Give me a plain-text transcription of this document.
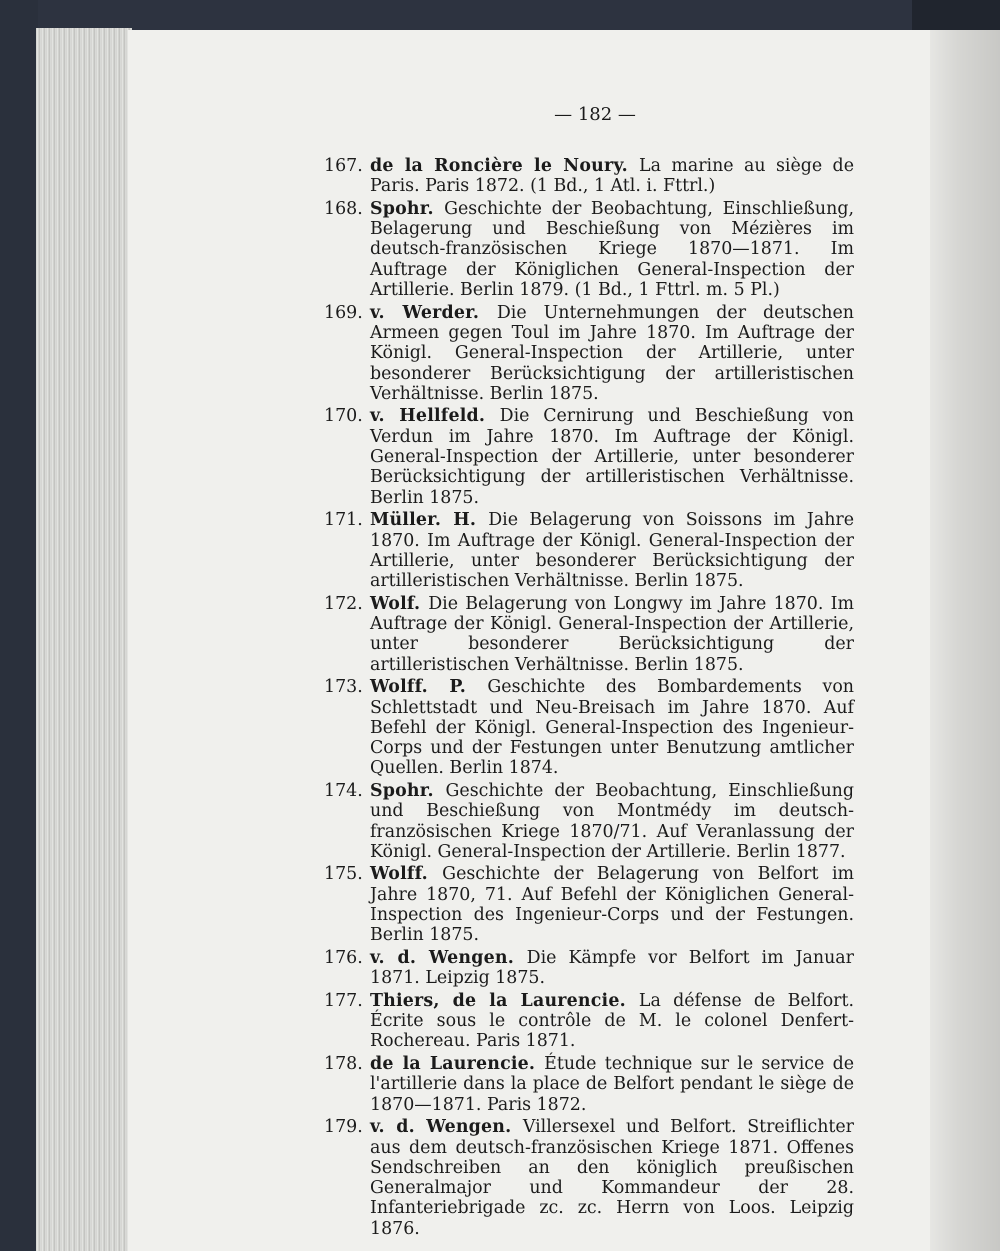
— 182 —
167. de la Roncière le Noury. La marine au siège de Paris. Paris 1872. (1 Bd., 1 Atl. i. Fttrl.)
168. Spohr. Geschichte der Beobachtung, Einschließung, Belagerung und Beschießung von Mézières im deutsch-französischen Kriege 1870—1871. Im Auftrage der Königlichen General-Inspection der Artillerie. Berlin 1879. (1 Bd., 1 Fttrl. m. 5 Pl.)
169. v. Werder. Die Unternehmungen der deutschen Armeen gegen Toul im Jahre 1870. Im Auftrage der Königl. General-Inspection der Artillerie, unter besonderer Berücksichtigung der artilleristischen Verhältnisse. Berlin 1875.
170. v. Hellfeld. Die Cernirung und Beschießung von Verdun im Jahre 1870. Im Auftrage der Königl. General-Inspection der Artillerie, unter besonderer Berücksichtigung der artilleristischen Verhältnisse. Berlin 1875.
171. Müller. H. Die Belagerung von Soissons im Jahre 1870. Im Auftrage der Königl. General-Inspection der Artillerie, unter besonderer Berücksichtigung der artilleristischen Verhältnisse. Berlin 1875.
172. Wolf. Die Belagerung von Longwy im Jahre 1870. Im Auftrage der Königl. General-Inspection der Artillerie, unter besonderer Berücksichtigung der artilleristischen Verhältnisse. Berlin 1875.
173. Wolff. P. Geschichte des Bombardements von Schlettstadt und Neu-Breisach im Jahre 1870. Auf Befehl der Königl. General-Inspection des Ingenieur-Corps und der Festungen unter Benutzung amtlicher Quellen. Berlin 1874.
174. Spohr. Geschichte der Beobachtung, Einschließung und Beschießung von Montmédy im deutsch-französischen Kriege 1870/71. Auf Veranlassung der Königl. General-Inspection der Artillerie. Berlin 1877.
175. Wolff. Geschichte der Belagerung von Belfort im Jahre 1870, 71. Auf Befehl der Königlichen General-Inspection des Ingenieur-Corps und der Festungen. Berlin 1875.
176. v. d. Wengen. Die Kämpfe vor Belfort im Januar 1871. Leipzig 1875.
177. Thiers, de la Laurencie. La défense de Belfort. Écrite sous le contrôle de M. le colonel Denfert-Rochereau. Paris 1871.
178. de la Laurencie. Étude technique sur le service de l'artillerie dans la place de Belfort pendant le siège de 1870—1871. Paris 1872.
179. v. d. Wengen. Villersexel und Belfort. Streiflichter aus dem deutsch-französischen Kriege 1871. Offenes Sendschreiben an den königlich preußischen Generalmajor und Kommandeur der 28. Infanteriebrigade zc. zc. Herrn von Loos. Leipzig 1876.
